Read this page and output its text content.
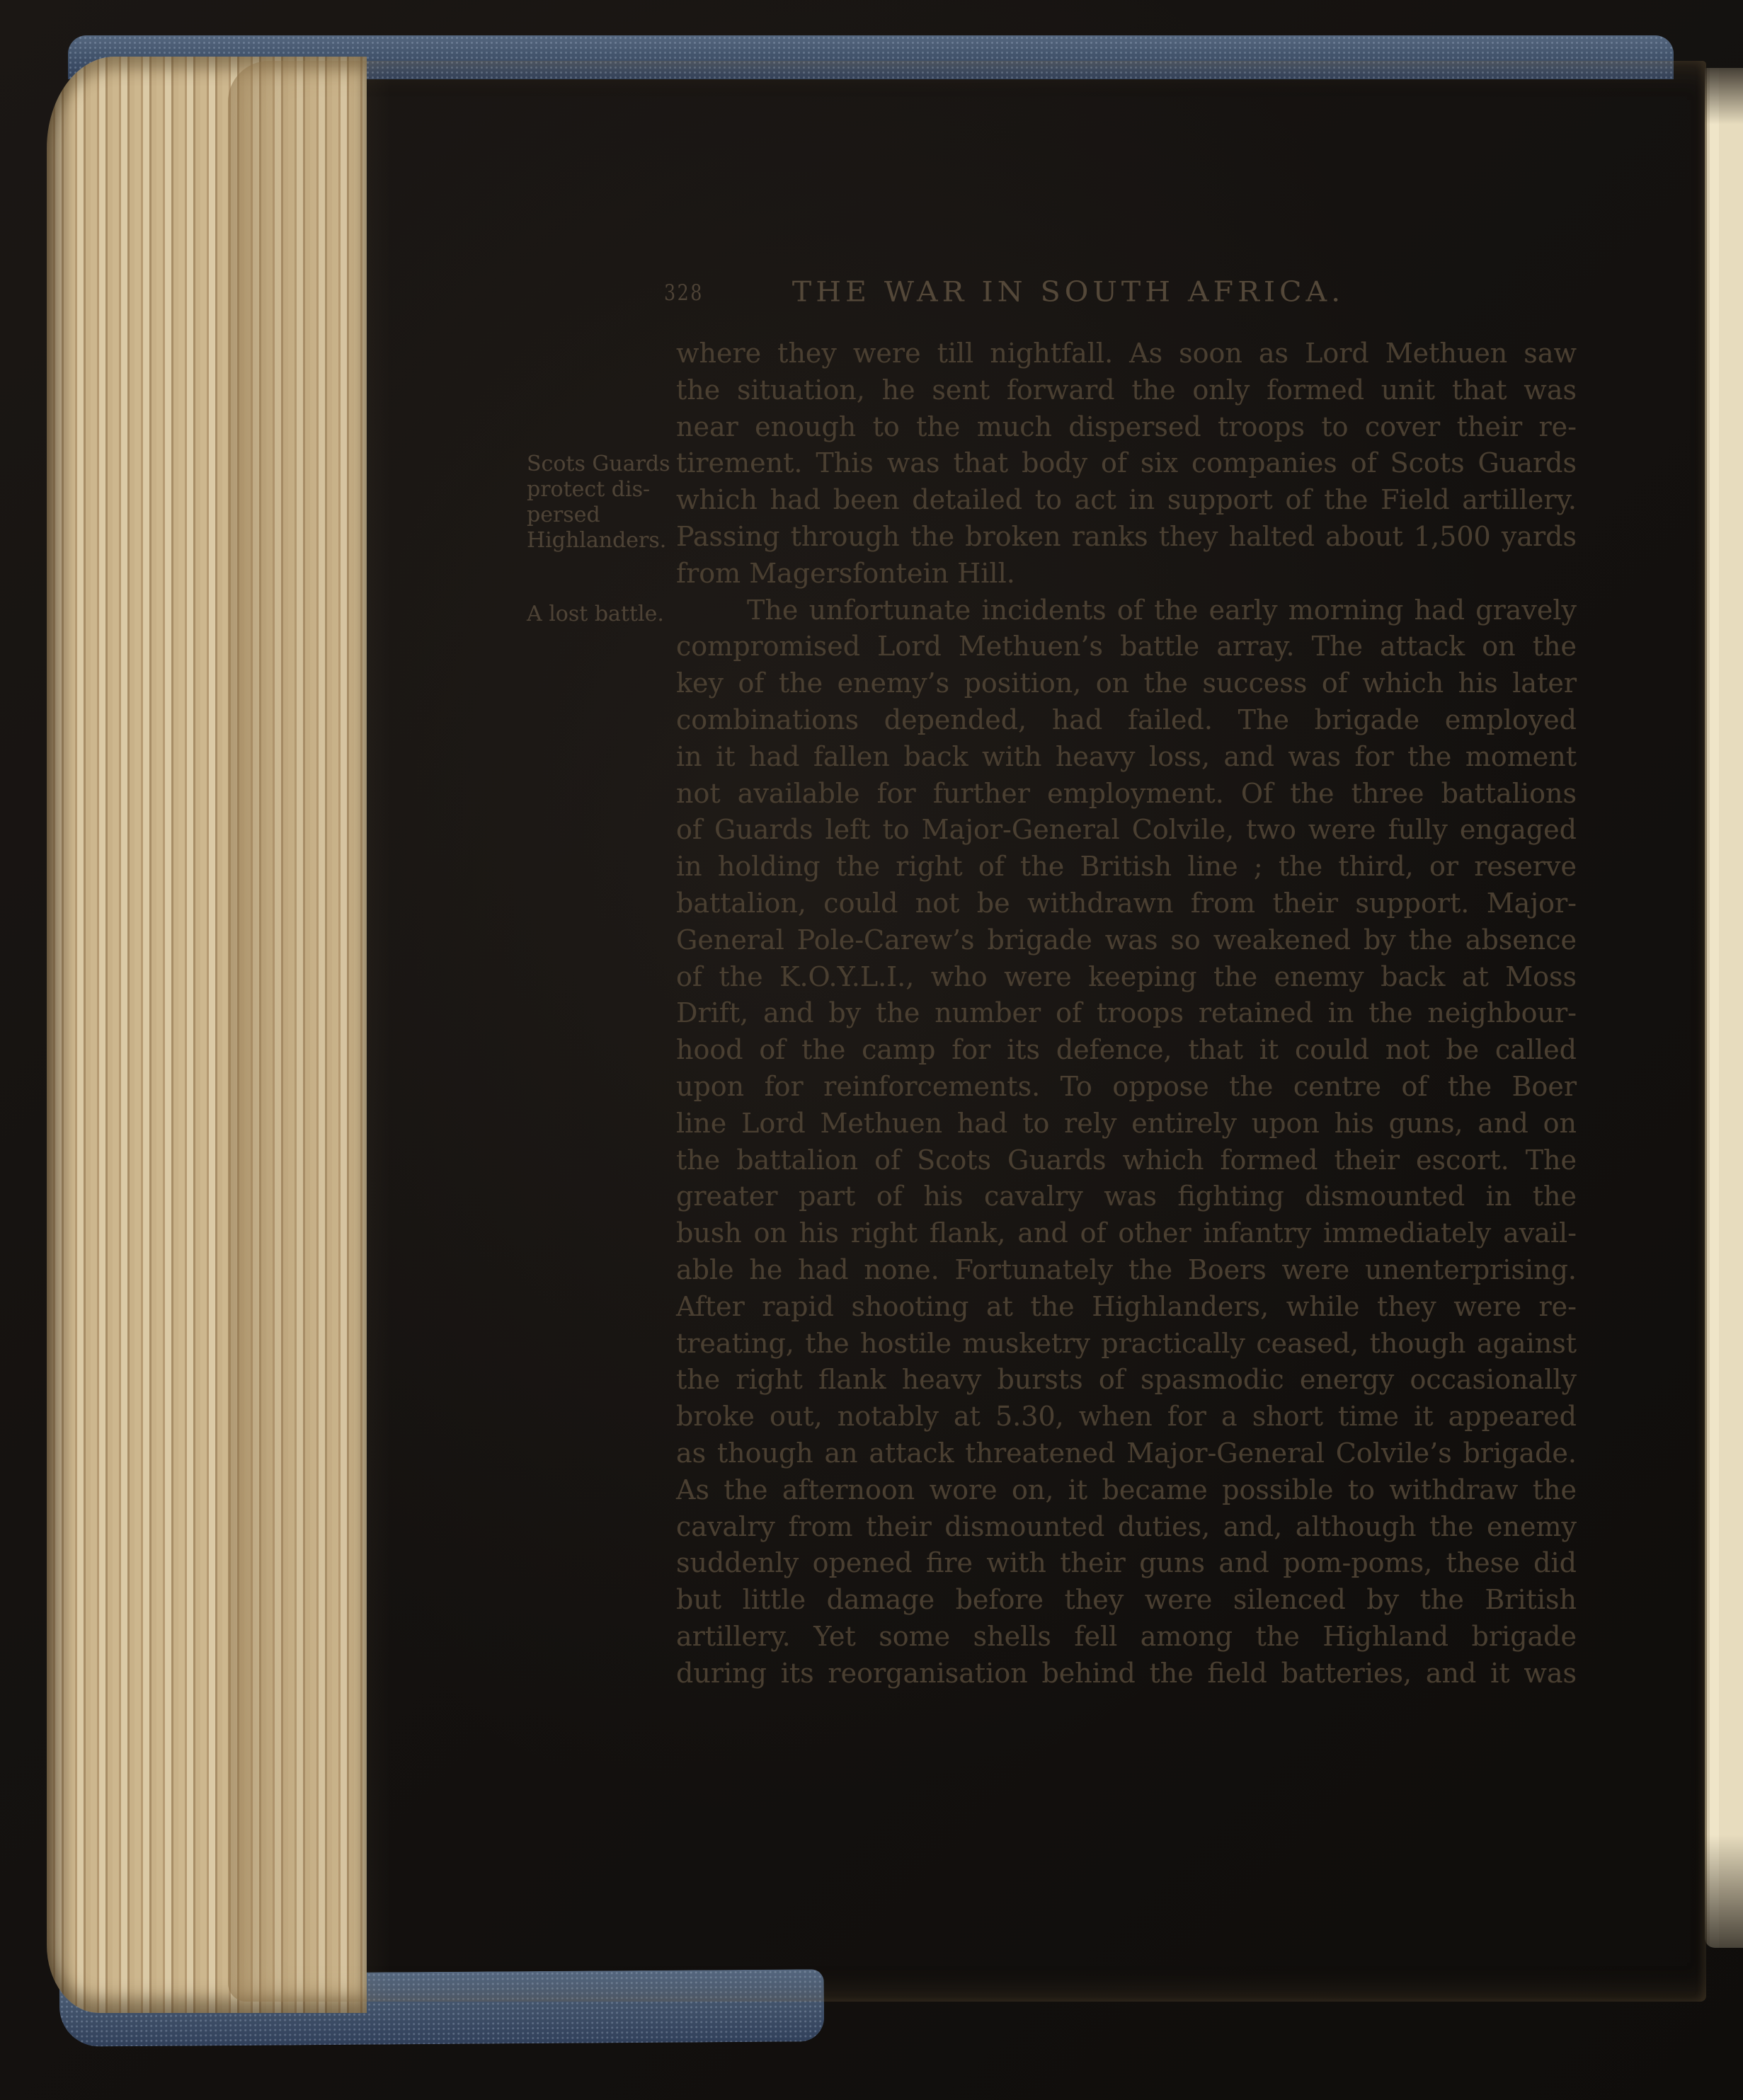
328	THE WAR IN SOUTH AFRICA.
Scots Guards
protect dis-
persed
Highlanders.
A lost battle.
where they were till nightfall. As soon as Lord Methuen saw
the situation, he sent forward the only formed unit that was
near enough to the much dispersed troops to cover their re-
tirement. This was that body of six companies of Scots Guards
which had been detailed to act in support of the Field artillery.
Passing through the broken ranks they halted about 1,500 yards
from Magersfontein Hill.
The unfortunate incidents of the early morning had gravely
compromised Lord Methuen’s battle array. The attack on the
key of the enemy’s position, on the success of which his later
combinations depended, had failed. The brigade employed
in it had fallen back with heavy loss, and was for the moment
not available for further employment. Of the three battalions
of Guards left to Major-General Colvile, two were fully engaged
in holding the right of the British line ; the third, or reserve
battalion, could not be withdrawn from their support. Major-
General Pole-Carew’s brigade was so weakened by the absence
of the K.O.Y.L.I., who were keeping the enemy back at Moss
Drift, and by the number of troops retained in the neighbour-
hood of the camp for its defence, that it could not be called
upon for reinforcements. To oppose the centre of the Boer
line Lord Methuen had to rely entirely upon his guns, and on
the battalion of Scots Guards which formed their escort. The
greater part of his cavalry was fighting dismounted in the
bush on his right flank, and of other infantry immediately avail-
able he had none. Fortunately the Boers were unenterprising.
After rapid shooting at the Highlanders, while they were re-
treating, the hostile musketry practically ceased, though against
the right flank heavy bursts of spasmodic energy occasionally
broke out, notably at 5.30, when for a short time it appeared
as though an attack threatened Major-General Colvile’s brigade.
As the afternoon wore on, it became possible to withdraw the
cavalry from their dismounted duties, and, although the enemy
suddenly opened fire with their guns and pom-poms, these did
but little damage before they were silenced by the British
artillery. Yet some shells fell among the Highland brigade
during its reorganisation behind the field batteries, and it was
